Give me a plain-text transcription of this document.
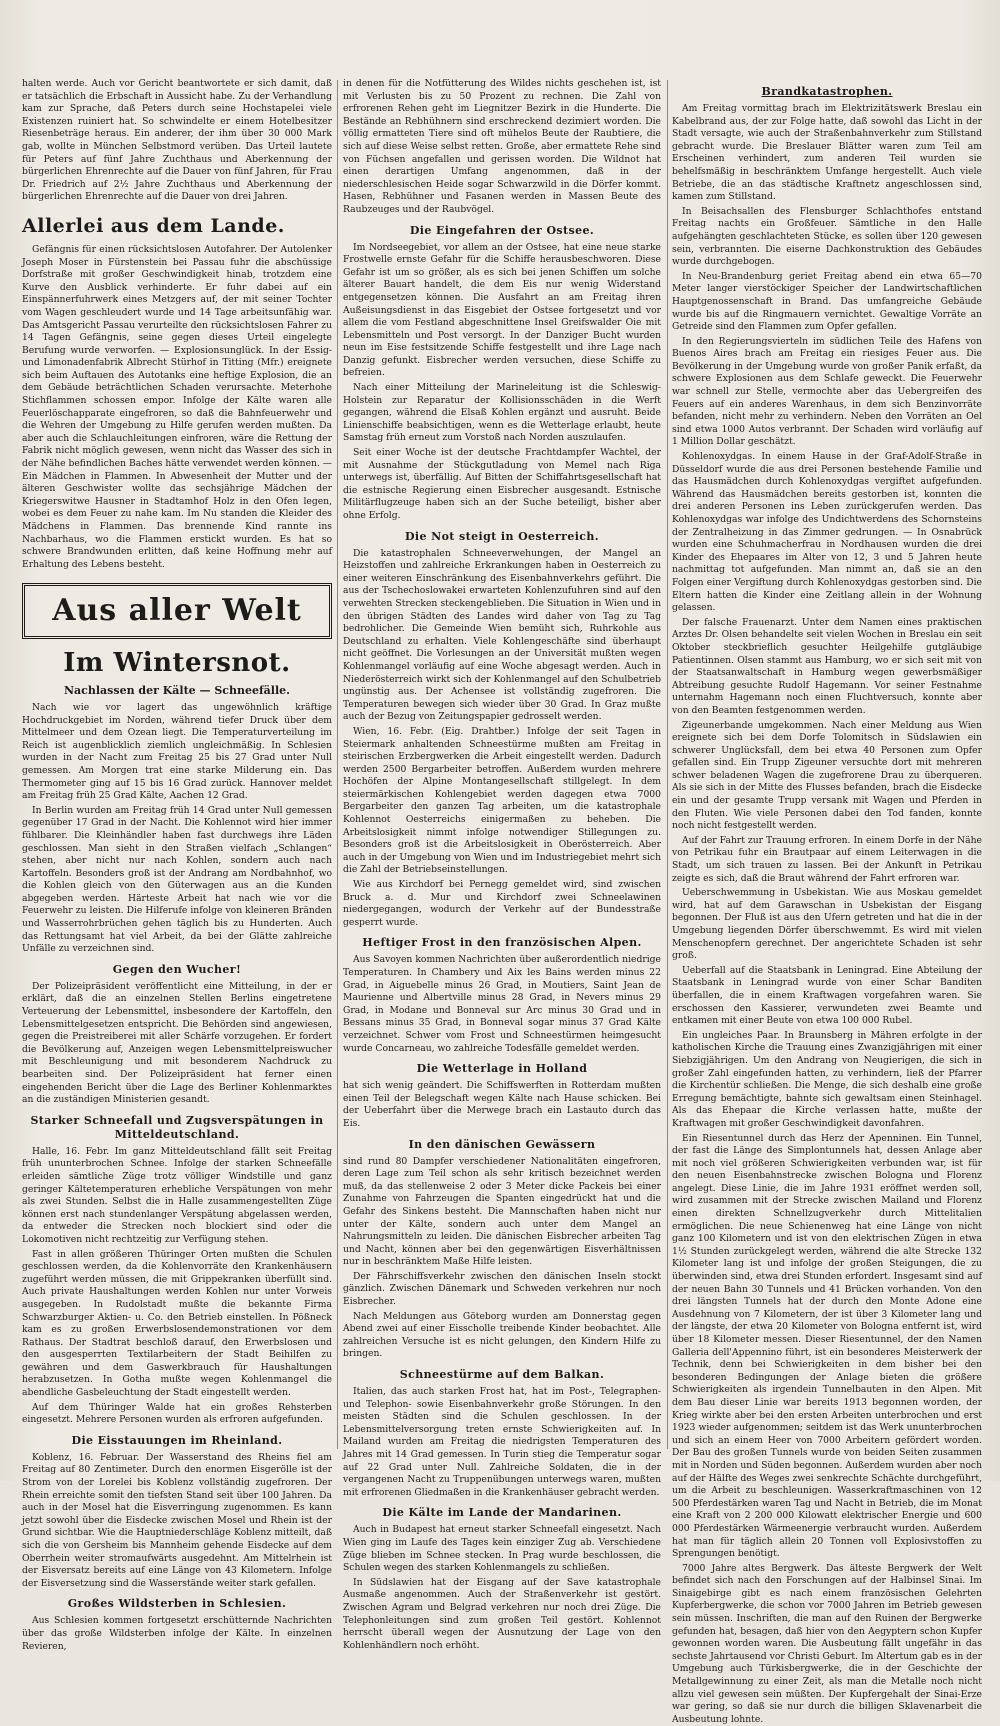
halten werde. Auch vor Gericht beantwortete er sich damit, daß er tatsächlich die Erbschaft in Aussicht habe. Zu der Verhandlung kam zur Sprache, daß Peters durch seine Hochstapelei viele Existenzen ruiniert hat. So schwindelte er einem Hotelbesitzer Riesenbeträge heraus. Ein anderer, der ihm über 30 000 Mark gab, wollte in München Selbstmord verüben. Das Urteil lautete für Peters auf fünf Jahre Zuchthaus und Aberkennung der bürgerlichen Ehrenrechte auf die Dauer von fünf Jahren, für Frau Dr. Friedrich auf 2½ Jahre Zuchthaus und Aberkennung der bürgerlichen Ehrenrechte auf die Dauer von drei Jahren.

Allerlei aus dem Lande.

Gefängnis für einen rücksichtslosen Autofahrer. Der Autolenker Joseph Moser in Fürstenstein bei Passau fuhr die abschüssige Dorfstraße mit großer Geschwindigkeit hinab, trotzdem eine Kurve den Ausblick verhinderte. Er fuhr dabei auf ein Einspännerfuhrwerk eines Metzgers auf, der mit seiner Tochter vom Wagen geschleudert wurde und 14 Tage arbeitsunfähig war. Das Amtsgericht Passau verurteilte den rücksichtslosen Fahrer zu 14 Tagen Gefängnis, seine gegen dieses Urteil eingelegte Berufung wurde verworfen. — Explosionsunglück. In der Essig- und Limonadenfabrik Albrecht Stürhof in Titting (Mfr.) ereignete sich beim Auftauen des Autotanks eine heftige Explosion, die an dem Gebäude beträchtlichen Schaden verursachte. Meterhohe Stichflammen schossen empor. Infolge der Kälte waren alle Feuerlöschapparate eingefroren, so daß die Bahnfeuerwehr und die Wehren der Umgebung zu Hilfe gerufen werden mußten. Da aber auch die Schlauchleitungen einfroren, wäre die Rettung der Fabrik nicht möglich gewesen, wenn nicht das Wasser des sich in der Nähe befindlichen Baches hätte verwendet werden können. — Ein Mädchen in Flammen. In Abwesenheit der Mutter und der älteren Geschwister wollte das sechsjährige Mädchen der Kriegerswitwe Hausner in Stadtamhof Holz in den Ofen legen, wobei es dem Feuer zu nahe kam. Im Nu standen die Kleider des Mädchens in Flammen. Das brennende Kind rannte ins Nachbarhaus, wo die Flammen erstickt wurden. Es hat so schwere Brandwunden erlitten, daß keine Hoffnung mehr auf Erhaltung des Lebens besteht.

Aus aller Welt
Im Wintersnot.
Nachlassen der Kälte — Schneefälle.

Nach wie vor lagert das ungewöhnlich kräftige Hochdruckgebiet im Norden, während tiefer Druck über dem Mittelmeer und dem Ozean liegt. Die Temperaturverteilung im Reich ist augenblicklich ziemlich ungleichmäßig. In Schlesien wurden in der Nacht zum Freitag 25 bis 27 Grad unter Null gemessen. Am Morgen trat eine starke Milderung ein. Das Thermometer ging auf 15 bis 16 Grad zurück. Hannover meldet am Freitag früh 25 Grad Kälte, Aachen 12 Grad.

In Berlin wurden am Freitag früh 14 Grad unter Null gemessen gegenüber 17 Grad in der Nacht. Die Kohlennot wird hier immer fühlbarer. Die Kleinhändler haben fast durchwegs ihre Läden geschlossen. Man sieht in den Straßen vielfach „Schlangen“ stehen, aber nicht nur nach Kohlen, sondern auch nach Kartoffeln. Besonders groß ist der Andrang am Nordbahnhof, wo die Kohlen gleich von den Güterwagen aus an die Kunden abgegeben werden. Härteste Arbeit hat nach wie vor die Feuerwehr zu leisten. Die Hilferufe infolge von kleineren Bränden und Wasserrohrbrüchen gehen täglich bis zu Hunderten. Auch das Rettungsamt hat viel Arbeit, da bei der Glätte zahlreiche Unfälle zu verzeichnen sind.

Gegen den Wucher!

Der Polizeipräsident veröffentlicht eine Mitteilung, in der er erklärt, daß die an einzelnen Stellen Berlins eingetretene Verteuerung der Lebensmittel, insbesondere der Kartoffeln, den Lebensmittelgesetzen entspricht. Die Behörden sind angewiesen, gegen die Preistreiberei mit aller Schärfe vorzugehen. Er fordert die Bevölkerung auf, Anzeigen wegen Lebensmittelpreiswucher mit Beschleunigung und mit besonderem Nachdruck zu bearbeiten sind. Der Polizeipräsident hat ferner einen eingehenden Bericht über die Lage des Berliner Kohlenmarktes an die zuständigen Ministerien gesandt.

Starker Schneefall und Zugsverspätungen in Mitteldeutschland.

Halle, 16. Febr. Im ganz Mitteldeutschland fällt seit Freitag früh ununterbrochen Schnee. Infolge der starken Schneefälle erleiden sämtliche Züge trotz völliger Windstille und ganz geringer Kältetemperaturen erhebliche Verspätungen von mehr als zwei Stunden. Selbst die in Halle zusammengestellten Züge können erst nach stundenlanger Verspätung abgelassen werden, da entweder die Strecken noch blockiert sind oder die Lokomotiven nicht rechtzeitig zur Verfügung stehen.

Fast in allen größeren Thüringer Orten mußten die Schulen geschlossen werden, da die Kohlenvorräte den Krankenhäusern zugeführt werden müssen, die mit Grippekranken überfüllt sind. Auch private Haushaltungen werden Kohlen nur unter Vorweis ausgegeben. In Rudolstadt mußte die bekannte Firma Schwarzburger Aktien- u. Co. den Betrieb einstellen. In Pößneck kam es zu großen Erwerbslosendemonstrationen vor dem Rathaus. Der Stadtrat beschloß darauf, den Erwerbslosen und den ausgesperrten Textilarbeitern der Stadt Beihilfen zu gewähren und dem Gaswerkbrauch für Haushaltungen herabzusetzen. In Gotha mußte wegen Kohlenmangel die abendliche Gasbeleuchtung der Stadt eingestellt werden.

Auf dem Thüringer Walde hat ein großes Rehsterben eingesetzt. Mehrere Personen wurden als erfroren aufgefunden.

Die Eisstauungen im Rheinland.

Koblenz, 16. Februar. Der Wasserstand des Rheins fiel am Freitag auf 80 Zentimeter. Durch den enormen Eisgerölle ist der Strom von der Lorelei bis Koblenz vollständig zugefroren. Der Rhein erreichte somit den tiefsten Stand seit über 100 Jahren. Da auch in der Mosel hat die Eisverringung zugenommen. Es kann jetzt sowohl über die Eisdecke zwischen Mosel und Rhein ist der Grund sichtbar. Wie die Hauptniederschläge Koblenz mitteilt, daß sich die von Gersheim bis Mannheim gehende Eisdecke auf dem Oberrhein weiter stromaufwärts ausgedehnt. Am Mittelrhein ist der Eisversatz bereits auf eine Länge von 43 Kilometern. Infolge der Eisversetzung sind die Wasserstände weiter stark gefallen.

Großes Wildsterben in Schlesien.

Aus Schlesien kommen fortgesetzt erschütternde Nachrichten über das große Wildsterben infolge der Kälte. In einzelnen Revieren,

in denen für die Notfütterung des Wildes nichts geschehen ist, ist mit Verlusten bis zu 50 Prozent zu rechnen. Die Zahl von erfrorenen Rehen geht im Liegnitzer Bezirk in die Hunderte. Die Bestände an Rebhühnern sind erschreckend dezimiert worden. Die völlig ermatteten Tiere sind oft mühelos Beute der Raubtiere, die sich auf diese Weise selbst retten. Große, aber ermattete Rehe sind von Füchsen angefallen und gerissen worden. Die Wildnot hat einen derartigen Umfang angenommen, daß in der niederschlesischen Heide sogar Schwarzwild in die Dörfer kommt. Hasen, Rebhühner und Fasanen werden in Massen Beute des Raubzeuges und der Raubvögel.

Die Eingefahren der Ostsee.

Im Nordseegebiet, vor allem an der Ostsee, hat eine neue starke Frostwelle ernste Gefahr für die Schiffe herausbeschworen. Diese Gefahr ist um so größer, als es sich bei jenen Schiffen um solche älterer Bauart handelt, die dem Eis nur wenig Widerstand entgegensetzen können. Die Ausfahrt an am Freitag ihren Außeisungsdienst in das Eisgebiet der Ostsee fortgesetzt und vor allem die vom Festland abgeschnittene Insel Greifswalder Oie mit Lebensmitteln und Post versorgt. In der Danziger Bucht wurden neun im Eise festsitzende Schiffe festgestellt und ihre Lage nach Danzig gefunkt. Eisbrecher werden versuchen, diese Schiffe zu befreien.

Nach einer Mitteilung der Marineleitung ist die Schleswig-Holstein zur Reparatur der Kollisionsschäden in die Werft gegangen, während die Elsaß Kohlen ergänzt und ausruht. Beide Linienschiffe beabsichtigen, wenn es die Wetterlage erlaubt, heute Samstag früh erneut zum Vorstoß nach Norden auszulaufen.

Seit einer Woche ist der deutsche Frachtdampfer Wachtel, der mit Ausnahme der Stückgutladung von Memel nach Riga unterwegs ist, überfällig. Auf Bitten der Schiffahrtsgesellschaft hat die estnische Regierung einen Eisbrecher ausgesandt. Estnische Militärflugzeuge haben sich an der Suche beteiligt, bisher aber ohne Erfolg.

Die Not steigt in Oesterreich.

Die katastrophalen Schneeverwehungen, der Mangel an Heizstoffen und zahlreiche Erkrankungen haben in Oesterreich zu einer weiteren Einschränkung des Eisenbahnverkehrs geführt. Die aus der Tschechoslowakei erwarteten Kohlenzufuhren sind auf den verwehten Strecken steckengeblieben. Die Situation in Wien und in den übrigen Städten des Landes wird daher von Tag zu Tag bedrohlicher. Die Gemeinde Wien bemüht sich, Ruhrkohle aus Deutschland zu erhalten. Viele Kohlengeschäfte sind überhaupt nicht geöffnet. Die Vorlesungen an der Universität mußten wegen Kohlenmangel vorläufig auf eine Woche abgesagt werden. Auch in Niederösterreich wirkt sich der Kohlenmangel auf den Schulbetrieb ungünstig aus. Der Achensee ist vollständig zugefroren. Die Temperaturen bewegen sich wieder über 30 Grad. In Graz mußte auch der Bezug von Zeitungspapier gedrosselt werden.

Wien, 16. Febr. (Eig. Drahtber.) Infolge der seit Tagen in Steiermark anhaltenden Schneestürme mußten am Freitag in steirischen Erzbergwerken die Arbeit eingestellt werden. Dadurch werden 2500 Bergarbeiter betroffen. Außerdem wurden mehrere Hochöfen der Alpine Montangesellschaft stillgelegt. In dem steiermärkischen Kohlengebiet werden dagegen etwa 7000 Bergarbeiter den ganzen Tag arbeiten, um die katastrophale Kohlennot Oesterreichs einigermaßen zu beheben. Die Arbeitslosigkeit nimmt infolge notwendiger Stillegungen zu. Besonders groß ist die Arbeitslosigkeit in Oberösterreich. Aber auch in der Umgebung von Wien und im Industriegebiet mehrt sich die Zahl der Betriebseinstellungen.

Wie aus Kirchdorf bei Pernegg gemeldet wird, sind zwischen Bruck a. d. Mur und Kirchdorf zwei Schneelawinen niedergegangen, wodurch der Verkehr auf der Bundesstraße gesperrt wurde.

Heftiger Frost in den französischen Alpen.

Aus Savoyen kommen Nachrichten über außerordentlich niedrige Temperaturen. In Chambery und Aix les Bains werden minus 22 Grad, in Aiguebelle minus 26 Grad, in Moutiers, Saint Jean de Maurienne und Albertville minus 28 Grad, in Nevers minus 29 Grad, in Modane und Bonneval sur Arc minus 30 Grad und in Bessans minus 35 Grad, in Bonneval sogar minus 37 Grad Kälte verzeichnet. Schwer vom Frost und Schneestürmen heimgesucht wurde Concarneau, wo zahlreiche Todesfälle gemeldet werden.

Die Wetterlage in Holland

hat sich wenig geändert. Die Schiffswerften in Rotterdam mußten einen Teil der Belegschaft wegen Kälte nach Hause schicken. Bei der Ueberfahrt über die Merwege brach ein Lastauto durch das Eis.

In den dänischen Gewässern

sind rund 80 Dampfer verschiedener Nationalitäten eingefroren, deren Lage zum Teil schon als sehr kritisch bezeichnet werden muß, da das stellenweise 2 oder 3 Meter dicke Packeis bei einer Zunahme von Fahrzeugen die Spanten eingedrückt hat und die Gefahr des Sinkens besteht. Die Mannschaften haben nicht nur unter der Kälte, sondern auch unter dem Mangel an Nahrungsmitteln zu leiden. Die dänischen Eisbrecher arbeiten Tag und Nacht, können aber bei den gegenwärtigen Eisverhältnissen nur in beschränktem Maße Hilfe leisten.

Der Fährschiffsverkehr zwischen den dänischen Inseln stockt gänzlich. Zwischen Dänemark und Schweden verkehren nur noch Eisbrecher.

Nach Meldungen aus Göteborg wurden am Donnerstag gegen Abend zwei auf einer Eisscholle treibende Kinder beobachtet. Alle zahlreichen Versuche ist es nicht gelungen, den Kindern Hilfe zu bringen.

Schneestürme auf dem Balkan.

Italien, das auch starken Frost hat, hat im Post-, Telegraphen- und Telephon- sowie Eisenbahnverkehr große Störungen. In den meisten Städten sind die Schulen geschlossen. In der Lebensmittelversorgung treten ernste Schwierigkeiten auf. In Mailand wurden am Freitag die niedrigsten Temperaturen des Jahres mit 14 Grad gemessen. In Turin stieg die Temperatur sogar auf 22 Grad unter Null. Zahlreiche Soldaten, die in der vergangenen Nacht zu Truppenübungen unterwegs waren, mußten mit erfrorenen Gliedmaßen in die Krankenhäuser gebracht werden.

Die Kälte im Lande der Mandarinen.

Auch in Budapest hat erneut starker Schneefall eingesetzt. Nach Wien ging im Laufe des Tages kein einziger Zug ab. Verschiedene Züge blieben im Schnee stecken. In Prag wurde beschlossen, die Schulen wegen des starken Kohlenmangels zu schließen.

In Südslawien hat der Eisgang auf der Save katastrophale Ausmaße angenommen. Auch der Straßenverkehr ist gestört. Zwischen Agram und Belgrad verkehren nur noch drei Züge. Die Telephonleitungen sind zum großen Teil gestört. Kohlennot herrscht überall wegen der Ausnutzung der Lage von den Kohlenhändlern noch erhöht.

Brandkatastrophen.

Am Freitag vormittag brach im Elektrizitätswerk Breslau ein Kabelbrand aus, der zur Folge hatte, daß sowohl das Licht in der Stadt versagte, wie auch der Straßenbahnverkehr zum Stillstand gebracht wurde. Die Breslauer Blätter waren zum Teil am Erscheinen verhindert, zum anderen Teil wurden sie behelfsmäßig in beschränktem Umfange hergestellt. Auch viele Betriebe, die an das städtische Kraftnetz angeschlossen sind, kamen zum Stillstand.

In Beisachsallen des Flensburger Schlachthofes entstand Freitag nachts ein Großfeuer. Sämtliche in den Halle aufgehängten geschlachteten Stücke, es sollen über 120 gewesen sein, verbrannten. Die eiserne Dachkonstruktion des Gebäudes wurde durchgebogen.

In Neu-Brandenburg geriet Freitag abend ein etwa 65—70 Meter langer vierstöckiger Speicher der Landwirtschaftlichen Hauptgenossenschaft in Brand. Das umfangreiche Gebäude wurde bis auf die Ringmauern vernichtet. Gewaltige Vorräte an Getreide sind den Flammen zum Opfer gefallen.

In den Regierungsvierteln im südlichen Teile des Hafens von Buenos Aires brach am Freitag ein riesiges Feuer aus. Die Bevölkerung in der Umgebung wurde von großer Panik erfaßt, da schwere Explosionen aus dem Schlafe geweckt. Die Feuerwehr war schnell zur Stelle, vermochte aber das Uebergreifen des Feuers auf ein anderes Warenhaus, in dem sich Benzinvorräte befanden, nicht mehr zu verhindern. Neben den Vorräten an Oel sind etwa 1000 Autos verbrannt. Der Schaden wird vorläufig auf 1 Million Dollar geschätzt.

Kohlenoxydgas. In einem Hause in der Graf-Adolf-Straße in Düsseldorf wurde die aus drei Personen bestehende Familie und das Hausmädchen durch Kohlenoxydgas vergiftet aufgefunden. Während das Hausmädchen bereits gestorben ist, konnten die drei anderen Personen ins Leben zurückgerufen werden. Das Kohlenoxydgas war infolge des Undichtwerdens des Schornsteins der Zentralheizung in das Zimmer gedrungen. — In Osnabrück wurden eine Schuhmacherfrau in Nordhausen wurden die drei Kinder des Ehepaares im Alter von 12, 3 und 5 Jahren heute nachmittag tot aufgefunden. Man nimmt an, daß sie an den Folgen einer Vergiftung durch Kohlenoxydgas gestorben sind. Die Eltern hatten die Kinder eine Zeitlang allein in der Wohnung gelassen.

Der falsche Frauenarzt. Unter dem Namen eines praktischen Arztes Dr. Olsen behandelte seit vielen Wochen in Breslau ein seit Oktober steckbrieflich gesuchter Heilgehilfe gutgläubige Patientinnen. Olsen stammt aus Hamburg, wo er sich seit mit von der Staatsanwaltschaft in Hamburg wegen gewerbsmäßiger Abtreibung gesuchte Rudolf Hagemann. Vor seiner Festnahme unternahm Hagemann noch einen Fluchtversuch, konnte aber von den Beamten festgenommen werden.

Zigeunerbande umgekommen. Nach einer Meldung aus Wien ereignete sich bei dem Dorfe Tolomitsch in Südslawien ein schwerer Unglücksfall, dem bei etwa 40 Personen zum Opfer gefallen sind. Ein Trupp Zigeuner versuchte dort mit mehreren schwer beladenen Wagen die zugefrorene Drau zu überqueren. Als sie sich in der Mitte des Flusses befanden, brach die Eisdecke ein und der gesamte Trupp versank mit Wagen und Pferden in den Fluten. Wie viele Personen dabei den Tod fanden, konnte noch nicht festgestellt werden.

Auf der Fahrt zur Trauung erfroren. In einem Dorfe in der Nähe von Petrikau fuhr ein Brautpaar auf einem Leiterwagen in die Stadt, um sich trauen zu lassen. Bei der Ankunft in Petrikau zeigte es sich, daß die Braut während der Fahrt erfroren war.

Ueberschwemmung in Usbekistan. Wie aus Moskau gemeldet wird, hat auf dem Garawschan in Usbekistan der Eisgang begonnen. Der Fluß ist aus den Ufern getreten und hat die in der Umgebung liegenden Dörfer überschwemmt. Es wird mit vielen Menschenopfern gerechnet. Der angerichtete Schaden ist sehr groß.

Ueberfall auf die Staatsbank in Leningrad. Eine Abteilung der Staatsbank in Leningrad wurde von einer Schar Banditen überfallen, die in einem Kraftwagen vorgefahren waren. Sie erschossen den Kassierer, verwundeten zwei Beamte und entkamen mit einer Beute von etwa 100 000 Rubel.

Ein ungleiches Paar. In Braunsberg in Mähren erfolgte in der katholischen Kirche die Trauung eines Zwanzigjährigen mit einer Siebzigjährigen. Um den Andrang von Neugierigen, die sich in großer Zahl eingefunden hatten, zu verhindern, ließ der Pfarrer die Kirchentür schließen. Die Menge, die sich deshalb eine große Erregung bemächtigte, bahnte sich gewaltsam einen Steinhagel. Als das Ehepaar die Kirche verlassen hatte, mußte der Kraftwagen mit großer Geschwindigkeit davonfahren.

Ein Riesentunnel durch das Herz der Apenninen. Ein Tunnel, der fast die Länge des Simplontunnels hat, dessen Anlage aber mit noch viel größeren Schwierigkeiten verbunden war, ist für den neuen Eisenbahnstrecke zwischen Bologna und Florenz angelegt. Diese Linie, die im Jahre 1931 eröffnet werden soll, wird zusammen mit der Strecke zwischen Mailand und Florenz einen direkten Schnellzugverkehr durch Mittelitalien ermöglichen. Die neue Schienenweg hat eine Länge von nicht ganz 100 Kilometern und ist von den elektrischen Zügen in etwa 1½ Stunden zurückgelegt werden, während die alte Strecke 132 Kilometer lang ist und infolge der großen Steigungen, die zu überwinden sind, etwa drei Stunden erfordert. Insgesamt sind auf der neuen Bahn 30 Tunnels und 41 Brücken vorhanden. Von den drei längsten Tunnels hat der durch den Monte Adone eine Ausdehnung von 7 Kilometern, der ist über 3 Kilometer lang und der längste, der etwa 20 Kilometer von Bologna entfernt ist, wird über 18 Kilometer messen. Dieser Riesentunnel, der den Namen Galleria dell'Appennino führt, ist ein besonderes Meisterwerk der Technik, denn bei Schwierigkeiten in dem bisher bei den besonderen Bedingungen der Anlage bieten die größere Schwierigkeiten als irgendein Tunnelbauten in den Alpen. Mit dem Bau dieser Linie war bereits 1913 begonnen worden, der Krieg wirkte aber bei den ersten Arbeiten unterbrochen und erst 1923 wieder aufgenommen; seitdem ist das Werk ununterbrochen und sich an einem Heer von 7000 Arbeitern gefördert worden. Der Bau des großen Tunnels wurde von beiden Seiten zusammen mit in Norden und Süden begonnen. Außerdem wurden aber noch auf der Hälfte des Weges zwei senkrechte Schächte durchgeführt, um die Arbeit zu beschleunigen. Wasserkraftmaschinen von 12 500 Pferdestärken waren Tag und Nacht in Betrieb, die im Monat eine Kraft von 2 200 000 Kilowatt elektrischer Energie und 600 000 Pferdestärken Wärmeenergie verbraucht wurden. Außerdem hat man für täglich allein 20 Tonnen voll Explosivstoffen zu Sprengungen benötigt.

7000 Jahre altes Bergwerk. Das älteste Bergwerk der Welt befindet sich nach den Forschungen auf der Halbinsel Sinai. Im Sinaigebirge gibt es nach einem französischen Gelehrten Kupferbergwerke, die schon vor 7000 Jahren im Betrieb gewesen sein müssen. Inschriften, die man auf den Ruinen der Bergwerke gefunden hat, besagen, daß hier von den Aegyptern schon Kupfer gewonnen worden waren. Die Ausbeutung fällt ungefähr in das sechste Jahrtausend vor Christi Geburt. Im Altertum gab es in der Umgebung auch Türkisbergwerke, die in der Geschichte der Metallgewinnung zu einer Zeit, als man die Metalle noch nicht allzu viel gewesen sein müßten. Der Kupfergehalt der Sinai-Erze war gering, so daß sie nur durch die billigen Sklavenarbeit die Ausbeutung lohnte.
